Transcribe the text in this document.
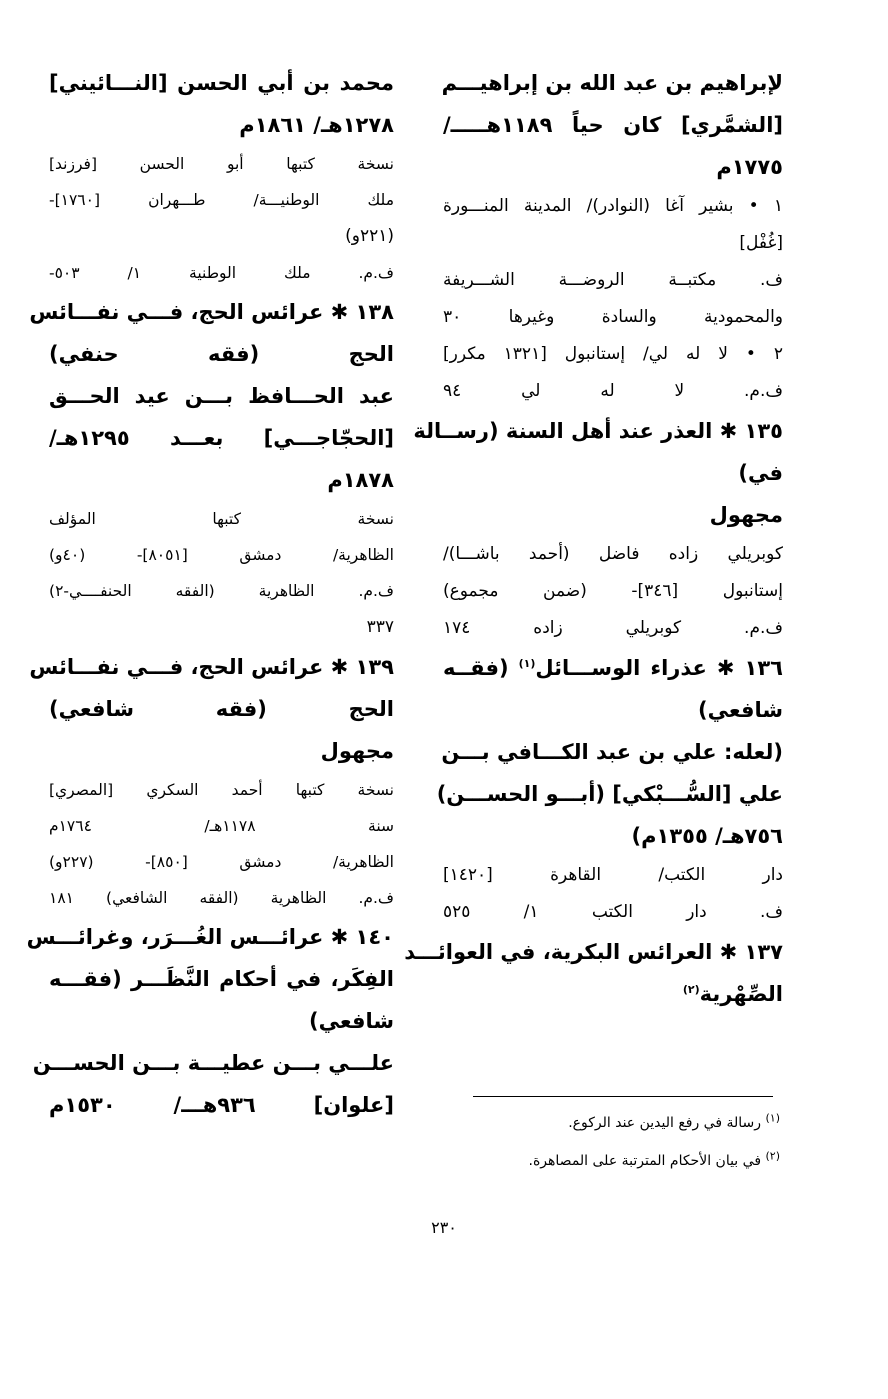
لإبراهيم بن عبد الله بن إبراهيـــم
[الشمَّري] كان حياً ١١٨٩هـــــ/
١٧٧٥م
١ • بشير آغا (النوادر)/ المدينة المنـــورة
[غُفْل]
ف. مكتبــة الروضـــة الشـــريفة
والمحمودية والسادة وغيرها ٣٠
٢ • لا له لي/ إستانبول [١٣٢١ مكرر]
ف.م. لا له لي ٩٤
١٣٥ ✱ العذر عند أهل السنة (رســالة
في)
مجهول
كوبريلي زاده فاضل (أحمد باشـــا)/
إستانبول [٣٤٦]- (ضمن مجموع)
ف.م. كوبريلي زاده ١٧٤
١٣٦ ✱ عذراء الوســـائل$^{(١)}$ (فقــه
شافعي)
(لعله: علي بن عبد الكـــافي بـــن
علي [السُّـــبْكي] (أبـــو الحســـن)
٧٥٦هـ/ ١٣٥٥م)
دار الكتب/ القاهرة [١٤٢٠]
ف. دار الكتب ١/ ٥٢٥
١٣٧ ✱ العرائس البكرية، في العوائـــد
الصِّهْرية$^{(٢)}$
محمد بن أبي الحسن [النـــائيني]
١٢٧٨هـ/ ١٨٦١م
نسخة كتبها أبو الحسن [فرزند]
ملك الوطنيـــة/ طـــهران [١٧٦٠]-
(٢٢١و)
ف.م. ملك الوطنية ١/ ٥٠٣-
١٣٨ ✱ عرائس الحج، فـــي نفـــائس
الحج (فقه حنفي)
عبد الحـــافظ بـــن عيد الحـــق
[الحجّاجـــي] بعـــد ١٢٩٥هـ/
١٨٧٨م
نسخة كتبها المؤلف
الظاهرية/ دمشق [٨٠٥١]- (٤٠و)
ف.م. الظاهرية (الفقه الحنفــــي-٢)
٣٣٧
١٣٩ ✱ عرائس الحج، فـــي نفـــائس
الحج (فقه شافعي)
مجهول
نسخة كتبها أحمد السكري [المصري]
سنة ١١٧٨هـ/ ١٧٦٤م
الظاهرية/ دمشق [٨٥٠]- (٢٢٧و)
ف.م. الظاهرية (الفقه الشافعي) ١٨١
١٤٠ ✱ عرائـــس الغُـــرَر، وغرائـــس
الفِكَر، في أحكام النَّظَـــر (فقـــه
شافعي)
علـــي بـــن عطيـــة بـــن الحســـن
[علوان] ٩٣٦هـــ/ ١٥٣٠م
$^{(١)}$ رسالة في رفع اليدين عند الركوع.
$^{(٢)}$ في بيان الأحكام المترتبة على المصاهرة.
٢٣٠
